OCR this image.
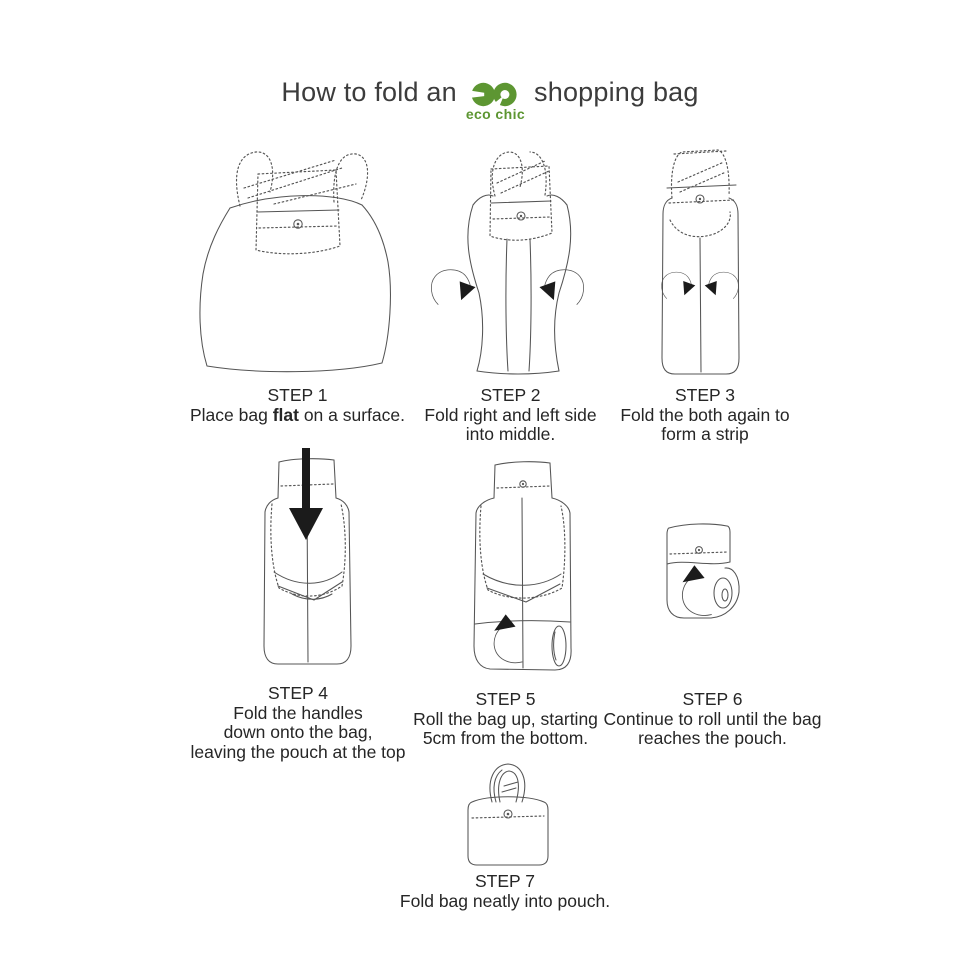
How to fold an
eco chic
shopping bag
STEP 1
Place bag flat on a surface.
STEP 2
Fold right and left side
into middle.
STEP 3
Fold the both again to
form a strip
STEP 4
Fold the handles
down onto the bag,
leaving the pouch at the top
STEP 5
Roll the bag up, starting
5cm from the bottom.
STEP 6
Continue to roll until the bag
reaches the pouch.
STEP 7
Fold bag neatly into pouch.
